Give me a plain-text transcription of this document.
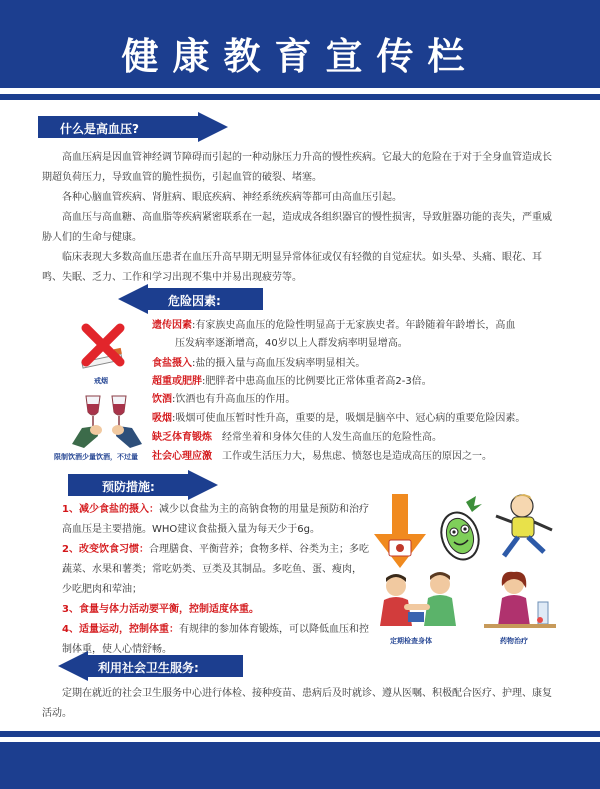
健康教育宣传栏
什么是高血压?

高血压病是因血管神经调节障碍而引起的一种动脉压力升高的慢性疾病。它最大的危险在于对于全身血管造成长期超负荷压力，导致血管的脆性损伤，引起血管的破裂、堵塞。

各种心脑血管疾病、肾脏病、眼底疾病、神经系统疾病等都可由高血压引起。

高血压与高血糖、高血脂等疾病紧密联系在一起，造成成各组织器官的慢性损害，导致脏器功能的丧失，严重威胁人们的生命与健康。

临床表现大多数高血压患者在血压升高早期无明显异常体征或仅有轻微的自觉症状。如头晕、头痛、眼花、耳鸣、失眠、乏力、工作和学习出现不集中并易出现疲劳等。

危险因素:
戒烟
限制饮酒少量饮酒，不过量
遗传因素:有家族史高血压的危险性明显高于无家族史者。年龄随着年龄增长，高血
压发病率逐渐增高，40岁以上人群发病率明显增高。
食盐摄入:盐的摄入量与高血压发病率明显相关。
超重或肥胖:肥胖者中患高血压的比例要比正常体重者高2-3倍。
饮酒:饮酒也有升高血压的作用。
吸烟:吸烟可使血压暂时性升高，重要的是，吸烟是脑卒中、冠心病的重要危险因素。
缺乏体育锻炼　经常坐着和身体欠佳的人发生高血压的危险性高。
社会心理应激　工作或生活压力大，易焦虑、愤怒也是造成高压的原因之一。
预防措施:

1、减少食盐的摄入：减少以食盐为主的高钠食物的用量是预防和治疗高血压是主要措施。WHO建议食盐摄入量为每天少于6g。

2、改变饮食习惯：合理膳食、平衡营养；食物多样、谷类为主；多吃蔬菜、水果和薯类；常吃奶类、豆类及其制品。多吃鱼、蛋、瘦肉，少吃肥肉和荤油；

3、食量与体力活动要平衡，控制适度体重。

4、适量运动，控制体重：有规律的参加体育锻炼，可以降低血压和控制体重，使人心情舒畅。

定期检查身体	药物治疗
利用社会卫生服务:

定期在就近的社会卫生服务中心进行体检、接种疫苗、患病后及时就诊、遵从医嘱、积极配合医疗、护理、康复活动。
